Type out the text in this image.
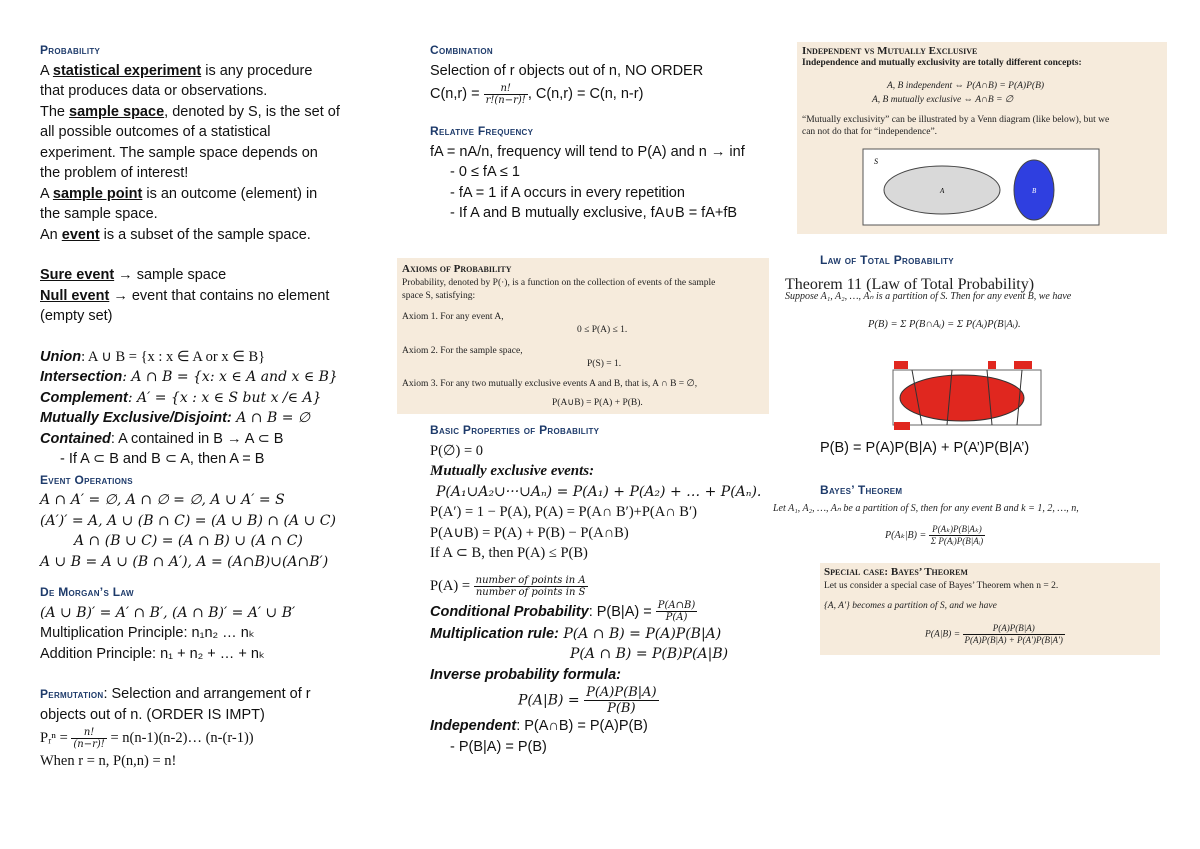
Probability
A statistical experiment is any procedure
that produces data or observations.
The sample space, denoted by S, is the set of
all possible outcomes of a statistical
experiment. The sample space depends on
the problem of interest!
A sample point is an outcome (element) in
the sample space.
An event is a subset of the sample space.
Sure event → sample space
Null event → event that contains no element
(empty set)
Union: A ∪ B = {x : x ∈ A or x ∈ B}
Intersection: A ∩ B = {x: x ∈ A and x ∈ B}
Complement: A′ = {x : x ∈ S but x /∈ A}
Mutually Exclusive/Disjoint: A ∩ B = ∅
Contained: A contained in B → A ⊂ B
- If A ⊂ B and B ⊂ A, then A = B
Event Operations
A ∩ A′ = ∅, A ∩ ∅ = ∅, A ∪ A′ = S
(A′)′ = A, A ∪ (B ∩ C) = (A ∪ B) ∩ (A ∪ C)
A ∩ (B ∪ C) = (A ∩ B) ∪ (A ∩ C)
A ∪ B = A ∪ (B ∩ A′), A = (A∩B)∪(A∩B′)
De Morgan’s Law
(A ∪ B)′ = A′ ∩ B′, (A ∩ B)′ = A′ ∪ B′
Multiplication Principle: n₁n₂ … nₖ
Addition Principle: n₁ + n₂ + … + nₖ
Permutation: Selection and arrangement of r
objects out of n. (ORDER IS IMPT)
Pᵣⁿ = $\frac{n!}{(n-r)!}$ = n(n-1)(n-2)… (n-(r-1))
When r = n, P(n,n) = n!
Combination
Selection of r objects out of n, NO ORDER
$C(n,r) = \frac{n!}{r!(n-r)!}$ , C(n,r) = C(n, n-r)
Relative Frequency
fA = nA/n, frequency will tend to P(A) and n → inf
- 0 ≤ fA ≤ 1
- fA = 1 if A occurs in every repetition
- If A and B mutually exclusive, fA∪B = fA+fB
Axioms of Probability
Probability, denoted by P(·), is a function on the collection of events of the sample
space S, satisfying:
Axiom 1. For any event A,
0 ≤ P(A) ≤ 1.
Axiom 2. For the sample space,
P(S) = 1.
Axiom 3. For any two mutually exclusive events A and B, that is, A ∩ B = ∅,
P(A∪B) = P(A) + P(B).
Basic Properties of Probability
P(∅) = 0
Mutually exclusive events:
P(A₁∪A₂∪···∪Aₙ) = P(A₁) + P(A₂) + … + P(Aₙ).
P(A′) = 1 − P(A), P(A) = P(A∩ B′)+P(A∩ B′)
P(A∪B) = P(A) + P(B) − P(A∩B)
If A ⊂ B, then P(A) ≤ P(B)
$P(A) = \frac{\text{number of points in A}}{\text{number of points in S}}$
Conditional Probability: $P(B|A) = \frac{P(A\cap B)}{P(A)}$
Multiplication rule: P(A ∩ B) = P(A)P(B|A)
P(A ∩ B) = P(B)P(A|B)
Inverse probability formula:
$P(A|B) = \frac{P(A)P(B|A)}{P(B)}$
Independent: P(A∩B) = P(A)P(B)
- P(B|A) = P(B)
Independent vs Mutually Exclusive
Independence and mutually exclusivity are totally different concepts:
A, B independent ⇔ P(A∩B) = P(A)P(B)
A, B mutually exclusive ⇔ A∩B = ∅
“Mutually exclusivity” can be illustrated by a Venn diagram (like below), but we
can not do that for “independence”.
S
A	B
Law of Total Probability
Theorem 11 (Law of Total Probability)
Suppose A₁, A₂, …, Aₙ is a partition of S. Then for any event B, we have
P(B) = Σ P(B∩Aᵢ) = Σ P(Aᵢ)P(B|Aᵢ).
P(B) = P(A)P(B|A) + P(A’)P(B|A’)
Bayes’ Theorem
Let A₁, A₂, …, Aₙ be a partition of S, then for any event B and k = 1, 2, …, n,
$P(A_k|B) = \frac{\text{P(Aₖ)P(B|Aₖ)}}{\text{Σ P(Aᵢ)P(B|Aᵢ)}}$
Special case: Bayes’ Theorem
Let us consider a special case of Bayes’ Theorem when n = 2.
{A, A′} becomes a partition of S, and we have
$P(A|B) = \frac{P(A)P(B|A)}{P(A)P(B|A) + P(A')P(B|A')}$
